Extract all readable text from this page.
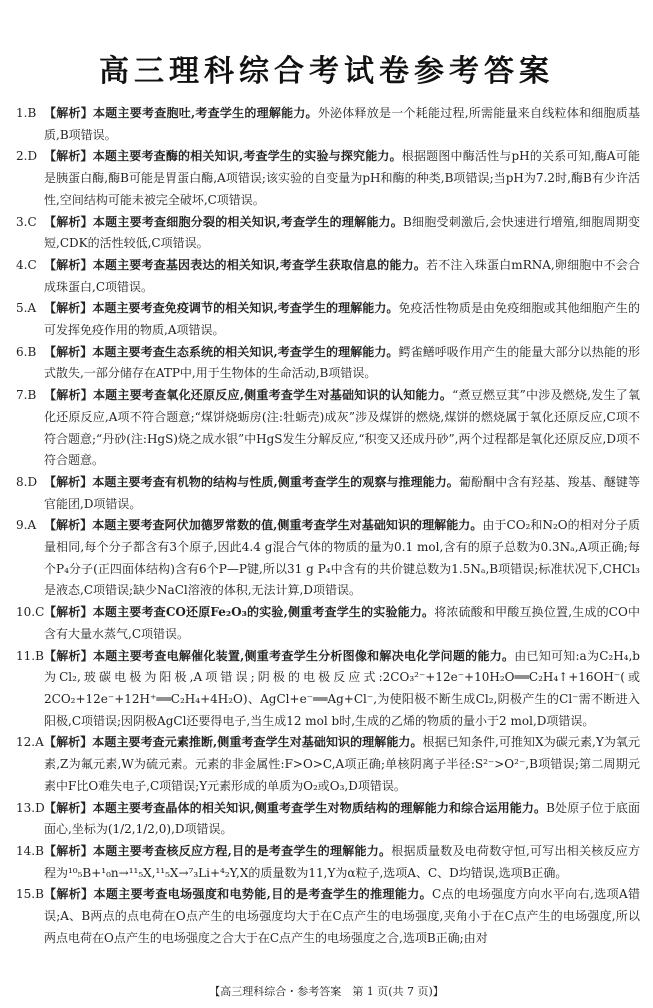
高三理科综合考试卷参考答案
1.B 【解析】本题主要考查胞吐,考查学生的理解能力。外泌体释放是一个耗能过程,所需能量来自线粒体和细胞质基质,B项错误。
2.D 【解析】本题主要考查酶的相关知识,考查学生的实验与探究能力。根据题图中酶活性与pH的关系可知,酶A可能是胰蛋白酶,酶B可能是胃蛋白酶,A项错误;该实验的自变量为pH和酶的种类,B项错误;当pH为7.2时,酶B有少许活性,空间结构可能未被完全破坏,C项错误。
3.C 【解析】本题主要考查细胞分裂的相关知识,考查学生的理解能力。B细胞受刺激后,会快速进行增殖,细胞周期变短,CDK的活性较低,C项错误。
4.C 【解析】本题主要考查基因表达的相关知识,考查学生获取信息的能力。若不注入珠蛋白mRNA,卵细胞中不会合成珠蛋白,C项错误。
5.A 【解析】本题主要考查免疫调节的相关知识,考查学生的理解能力。免疫活性物质是由免疫细胞或其他细胞产生的可发挥免疫作用的物质,A项错误。
6.B 【解析】本题主要考查生态系统的相关知识,考查学生的理解能力。鳄雀鳝呼吸作用产生的能量大部分以热能的形式散失,一部分储存在ATP中,用于生物体的生命活动,B项错误。
7.B 【解析】本题主要考查氧化还原反应,侧重考查学生对基础知识的认知能力。“煮豆燃豆萁”中涉及燃烧,发生了氧化还原反应,A项不符合题意;“煤饼烧蛎房(注:牡蛎壳)成灰”涉及煤饼的燃烧,煤饼的燃烧属于氧化还原反应,C项不符合题意;“丹砂(注:HgS)烧之成水银”中HgS发生分解反应,“积变又还成丹砂”,两个过程都是氧化还原反应,D项不符合题意。
8.D 【解析】本题主要考查有机物的结构与性质,侧重考查学生的观察与推理能力。葡酚酮中含有羟基、羧基、醚键等官能团,D项错误。
9.A 【解析】本题主要考查阿伏加德罗常数的值,侧重考查学生对基础知识的理解能力。由于CO₂和N₂O的相对分子质量相同,每个分子都含有3个原子,因此4.4 g混合气体的物质的量为0.1 mol,含有的原子总数为0.3Nₐ,A项正确;每个P₄分子(正四面体结构)含有6个P—P键,所以31 g P₄中含有的共价键总数为1.5Nₐ,B项错误;标准状况下,CHCl₃是液态,C项错误;缺少NaCl溶液的体积,无法计算,D项错误。
10.C 【解析】本题主要考查CO还原Fe₂O₃的实验,侧重考查学生的实验能力。将浓硫酸和甲酸互换位置,生成的CO中含有大量水蒸气,C项错误。
11.B 【解析】本题主要考查电解催化装置,侧重考查学生分析图像和解决电化学问题的能力。由已知可知:a为C₂H₄,b为Cl₂,玻碳电极为阳极,A项错误;阴极的电极反应式:2CO₃²⁻+12e⁻+10H₂O══C₂H₄↑+16OH⁻(或2CO₂+12e⁻+12H⁺══C₂H₄+4H₂O)、AgCl+e⁻══Ag+Cl⁻,为使阳极不断生成Cl₂,阴极产生的Cl⁻需不断进入阳极,C项错误;因阴极AgCl还要得电子,当生成12 mol b时,生成的乙烯的物质的量小于2 mol,D项错误。
12.A 【解析】本题主要考查元素推断,侧重考查学生对基础知识的理解能力。根据已知条件,可推知X为碳元素,Y为氧元素,Z为氟元素,W为硫元素。元素的非金属性:F>O>C,A项正确;单核阴离子半径:S²⁻>O²⁻,B项错误;第二周期元素中F比O难失电子,C项错误;Y元素形成的单质为O₂或O₃,D项错误。
13.D 【解析】本题主要考查晶体的相关知识,侧重考查学生对物质结构的理解能力和综合运用能力。B处原子位于底面面心,坐标为(1/2,1/2,0),D项错误。
14.B 【解析】本题主要考查核反应方程,目的是考查学生的理解能力。根据质量数及电荷数守恒,可写出相关核反应方程为¹⁰₅B+¹₀n→¹¹₅X,¹¹₅X→⁷₃Li+⁴₂Y,X的质量数为11,Y为α粒子,选项A、C、D均错误,选项B正确。
15.B 【解析】本题主要考查电场强度和电势能,目的是考查学生的推理能力。C点的电场强度方向水平向右,选项A错误;A、B两点的点电荷在O点产生的电场强度均大于在C点产生的电场强度,夹角小于在C点产生的电场强度,所以两点电荷在O点产生的电场强度之合大于在C点产生的电场强度之合,选项B正确;由对
【高三理科综合・参考答案　第 1 页(共 7 页)】
